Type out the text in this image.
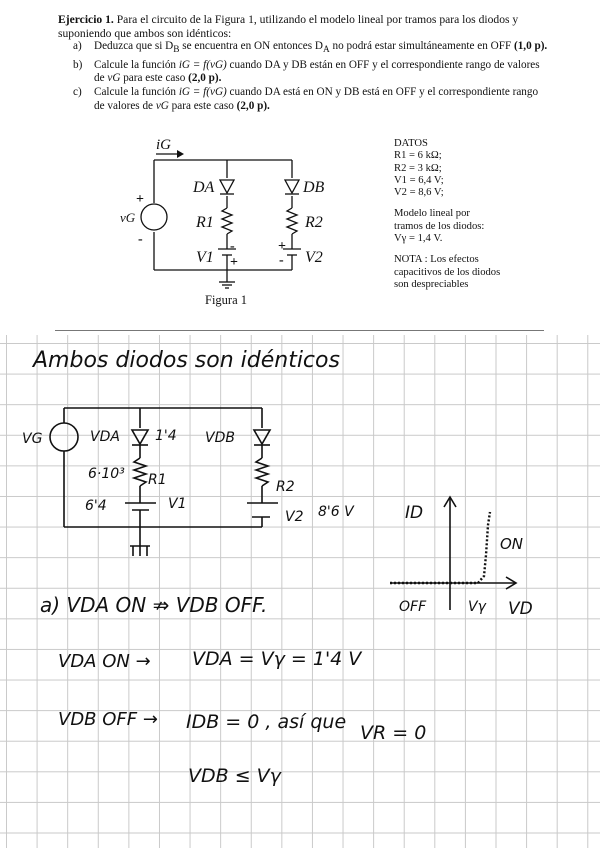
Ejercicio 1. Para el circuito de la Figura 1, utilizando el modelo lineal por tramos para los diodos y suponiendo que ambos son idénticos:
a) Deduzca que si $D_B$ se encuentra en ON entonces $D_A$ no podrá estar simultáneamente en OFF (1,0 p).
b) Calcule la función iG = f(vG) cuando DA y DB están en OFF y el correspondiente rango de valores de vG para este caso (2,0 p).
c) Calcule la función iG = f(vG) cuando DA está en ON y DB está en OFF y el correspondiente rango de valores de vG para este caso (2,0 p).
iG
vG
DA	DB
R1	R2
V1	V2
+
-	-
+
+
-
DATOS
R1 = 6 kΩ;
R2 = 3 kΩ;
V1 = 6,4 V;
V2 = 8,6 V;
Modelo lineal por
tramos de los diodos:
Vγ = 1,4 V.
NOTA : Los efectos
capacitivos de los diodos
son despreciables
Figura 1
Ambos diodos son idénticos
VG	VDA	1'4 VDB
6·10³ R1	R2
6'4	V1
V2 8'6 V	ID
ON
OFF	Vγ VD
a) VDA ON ⇏ VDB OFF.
VDA ON → VDA = Vγ = 1'4 V
VDB OFF → IDB = 0 , así que VR = 0
VDB ≤ Vγ
